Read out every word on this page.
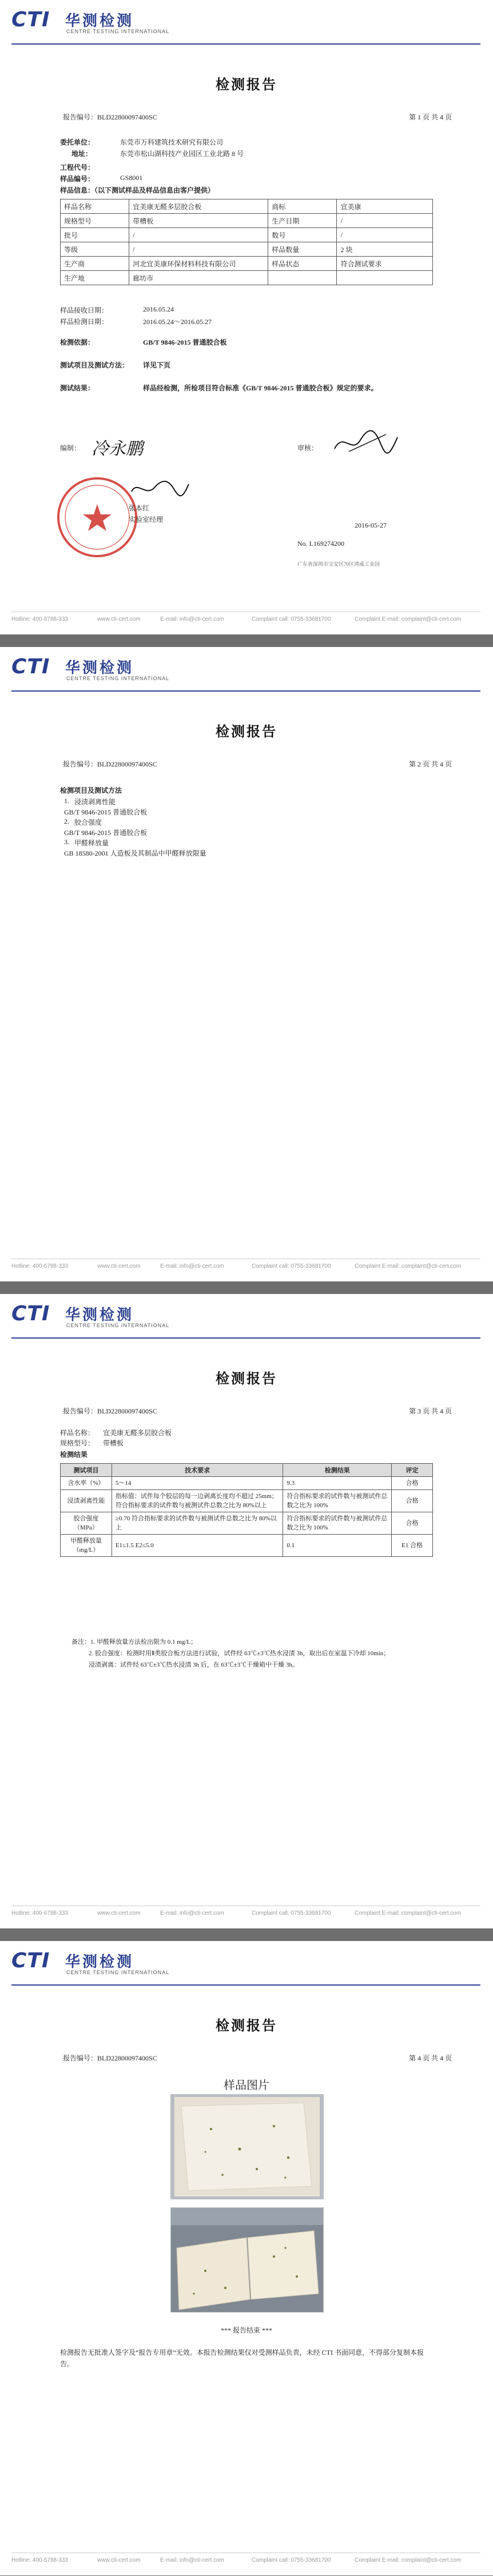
CTI 华测检测
CENTRE TESTING INTERNATIONAL
检测报告
报告编号：BLD22800097400SC	第 1 页 共 4 页
委托单位：	东莞市万科建筑技术研究有限公司
地址：	东莞市松山湖科技产业园区工业北路 8 号
工程代号：
样品编号：	GS8001
样品信息：（以下测试样品及样品信息由客户提供）
样品名称	宜美康无醛多层胶合板	商标	宜美康
规格型号	带槽板	生产日期	/
批号	/	数号	/
等级	/	样品数量	2 块
生产商	河北宜美康环保材料科技有限公司	样品状态	符合测试要求
生产地	廊坊市		
样品接收日期：	2016.05.24
样品检测日期：	2016.05.24～2016.05.27
检测依据：	GB/T 9846-2015 普通胶合板
测试项目及测试方法： 详见下页
测试结果：	样品经检测，所检项目符合标准《GB/T 9846-2015 普通胶合板》规定的要求。
编制： 冷永鹏	审核：
张本红
实验室经理
2016-05-27
No. L169274200
广东省深圳市宝安区70区鸿威工业园
Hotline: 400-6788-333	www.cti-cert.com	E-mail: info@cti-cert.com	Complaint call: 0755-33681700	Complaint E-mail: complaint@cti-cert.com
CTI 华测检测
CENTRE TESTING INTERNATIONAL
检测报告
报告编号：BLD22800097400SC	第 2 页 共 4 页
检测项目及测试方法
1. 浸渍剥离性能
GB/T 9846-2015 普通胶合板
2. 胶合强度
GB/T 9846-2015 普通胶合板
3. 甲醛释放量
GB 18580-2001 人造板及其制品中甲醛释放限量
Hotline: 400-6788-333	www.cti-cert.com	E-mail: info@cti-cert.com	Complaint call: 0755-33681700	Complaint E-mail: complaint@cti-cert.com
CTI 华测检测
CENTRE TESTING INTERNATIONAL
检测报告
报告编号：BLD22800097400SC	第 3 页 共 4 页
样品名称： 宜美康无醛多层胶合板
规格型号： 带槽板
检测结果
测试项目	技术要求	检测结果	评定
含水率（%）	5～14	9.3	合格
浸渍剥离性能	指标值：试件每个胶层的每一边剥离长度均不超过 25mm；符合指标要求的试件数与被测试件总数之比为 80%以上	符合指标要求的试件数与被测试件总数之比为 100%	合格
胶合强度（MPa）	≥0.70 符合指标要求的试件数与被测试件总数之比为 80%以上	符合指标要求的试件数与被测试件总数之比为 100%	合格
甲醛释放量（mg/L）	E1≤1.5 E2≤5.0	0.1	E1 合格
备注：1. 甲醛释放量方法检出限为 0.1 mg/L；
2. 胶合强度：检测时用Ⅱ类胶合板方法进行试验，试件经 63℃±3℃热水浸渍 3h，取出后在室温下冷却 10min；
浸渍剥离：试件经 63℃±3℃热水浸渍 3h 后，在 63℃±3℃干燥箱中干燥 3h。
Hotline: 400-6788-333	www.cti-cert.com	E-mail: info@cti-cert.com	Complaint call: 0755-33681700	Complaint E-mail: complaint@cti-cert.com
CTI 华测检测
CENTRE TESTING INTERNATIONAL
检测报告
报告编号：BLD22800097400SC	第 4 页 共 4 页
样品图片
*** 报告结束 ***
检测报告无批准人签字及“报告专用章”无效。本报告检测结果仅对受测样品负责，未经 CTI 书面同意，不得部分复制本报告。
Hotline: 400-6788-333	www.cti-cert.com	E-mail: info@cti-cert.com	Complaint call: 0755-33681700	Complaint E-mail: complaint@cti-cert.com
